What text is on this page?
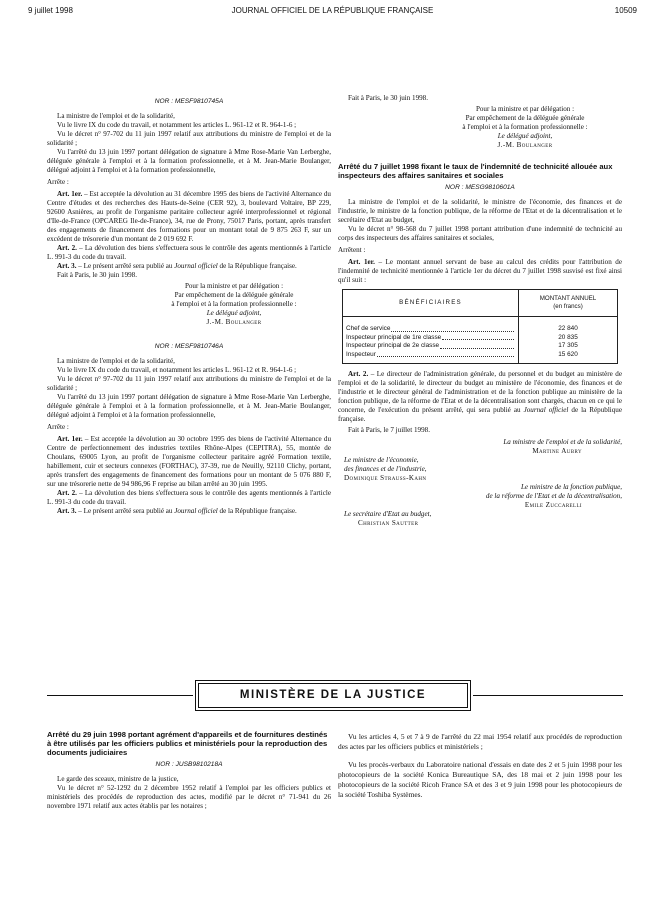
9 juillet 1998	JOURNAL OFFICIEL DE LA RÉPUBLIQUE FRANÇAISE	10509
NOR : MESF9810745A

La ministre de l'emploi et de la solidarité,

Vu le livre IX du code du travail, et notamment les articles L. 961-12 et R. 964-1-6 ;

Vu le décret n° 97-702 du 11 juin 1997 relatif aux attributions du ministre de l'emploi et de la solidarité ;

Vu l'arrêté du 13 juin 1997 portant délégation de signature à Mme Rose-Marie Van Lerberghe, déléguée générale à l'emploi et à la formation professionnelle, et à M. Jean-Marie Boulanger, délégué adjoint à l'emploi et à la formation professionnelle,

Arrête :

Art. 1er. – Est acceptée la dévolution au 31 décembre 1995 des biens de l'activité Alternance du Centre d'études et des recherches des Hauts-de-Seine (CER 92), 3, boulevard Voltaire, BP 229, 92600 Asnières, au profit de l'organisme paritaire collecteur agréé interprofessionnel et régional d'Ile-de-France (OPCAREG Ile-de-France), 34, rue de Prony, 75017 Paris, portant, après transfert des engagements de financement des formations pour un montant total de 9 875 263 F, sur un excédent de trésorerie d'un montant de 2 019 692 F.

Art. 2. – La dévolution des biens s'effectuera sous le contrôle des agents mentionnés à l'article L. 991-3 du code du travail.

Art. 3. – Le présent arrêté sera publié au Journal officiel de la République française.

Fait à Paris, le 30 juin 1998.

Pour la ministre et par délégation :

Par empêchement de la déléguée générale

à l'emploi et à la formation professionnelle :

Le délégué adjoint,

J.-M. Boulanger

NOR : MESF9810746A

La ministre de l'emploi et de la solidarité,

Vu le livre IX du code du travail, et notamment les articles L. 961-12 et R. 964-1-6 ;

Vu le décret n° 97-702 du 11 juin 1997 relatif aux attributions du ministre de l'emploi et de la solidarité ;

Vu l'arrêté du 13 juin 1997 portant délégation de signature à Mme Rose-Marie Van Lerberghe, déléguée générale à l'emploi et à la formation professionnelle, et à M. Jean-Marie Boulanger, délégué adjoint à l'emploi et à la formation professionnelle,

Arrête :

Art. 1er. – Est acceptée la dévolution au 30 octobre 1995 des biens de l'activité Alternance du Centre de perfectionnement des industries textiles Rhône-Alpes (CEPITRA), 55, montée de Choulans, 69005 Lyon, au profit de l'organisme collecteur paritaire agréé Formation textile, habillement, cuir et secteurs connexes (FORTHAC), 37-39, rue de Neuilly, 92110 Clichy, portant, après transfert des engagements de financement des formations pour un montant de 5 076 880 F, sur une trésorerie nette de 94 986,96 F reprise au bilan arrêté au 30 juin 1995.

Art. 2. – La dévolution des biens s'effectuera sous le contrôle des agents mentionnés à l'article L. 991-3 du code du travail.

Art. 3. – Le présent arrêté sera publié au Journal officiel de la République française.

Fait à Paris, le 30 juin 1998.

Pour la ministre et par délégation :

Par empêchement de la déléguée générale

à l'emploi et à la formation professionnelle :

Le délégué adjoint,

J.-M. Boulanger

Arrêté du 7 juillet 1998 fixant le taux de l'indemnité de technicité allouée aux inspecteurs des affaires sanitaires et sociales
NOR : MESG9810601A

La ministre de l'emploi et de la solidarité, le ministre de l'économie, des finances et de l'industrie, le ministre de la fonction publique, de la réforme de l'Etat et de la décentralisation et le secrétaire d'Etat au budget,

Vu le décret n° 98-568 du 7 juillet 1998 portant attribution d'une indemnité de technicité au corps des inspecteurs des affaires sanitaires et sociales,

Arrêtent :

Art. 1er. – Le montant annuel servant de base au calcul des crédits pour l'attribution de l'indemnité de technicité mentionnée à l'article 1er du décret du 7 juillet 1998 susvisé est fixé ainsi qu'il suit :

BÉNÉFICIAIRES	MONTANT ANNUEL
(en francs)

Chef de service	22 840

Inspecteur principal de 1re classe	20 835

Inspecteur principal de 2e classe	17 305

Inspecteur	15 620

Art. 2. – Le directeur de l'administration générale, du personnel et du budget au ministère de l'emploi et de la solidarité, le directeur du budget au ministère de l'économie, des finances et de l'industrie et le directeur général de l'administration et de la fonction publique au ministère de la fonction publique, de la réforme de l'Etat et de la décentralisation sont chargés, chacun en ce qui le concerne, de l'exécution du présent arrêté, qui sera publié au Journal officiel de la République française.

Fait à Paris, le 7 juillet 1998.

La ministre de l'emploi et de la solidarité,

Martine Aubry

Le ministre de l'économie,

des finances et de l'industrie,

Dominique Strauss-Kahn

Le ministre de la fonction publique,

de la réforme de l'Etat et de la décentralisation,

Emile Zuccarelli

Le secrétaire d'Etat au budget,

Christian Sautter

MINISTÈRE DE LA JUSTICE
Arrêté du 29 juin 1998 portant agrément d'appareils et de fournitures destinés à être utilisés par les officiers publics et ministériels pour la reproduction des documents judiciaires
NOR : JUSB9810218A

Le garde des sceaux, ministre de la justice,

Vu le décret n° 52-1292 du 2 décembre 1952 relatif à l'emploi par les officiers publics et ministériels des procédés de reproduction des actes, modifié par le décret n° 71-941 du 26 novembre 1971 relatif aux actes établis par les notaires ;

Vu les articles 4, 5 et 7 à 9 de l'arrêté du 22 mai 1954 relatif aux procédés de reproduction des actes par les officiers publics et ministériels ;

Vu les procès-verbaux du Laboratoire national d'essais en date des 2 et 5 juin 1998 pour les photocopieurs de la société Konica Bureautique SA, des 18 mai et 2 juin 1998 pour les photocopieurs de la société Ricoh France SA et des 3 et 9 juin 1998 pour les photocopieurs de la société Toshiba Systèmes.
